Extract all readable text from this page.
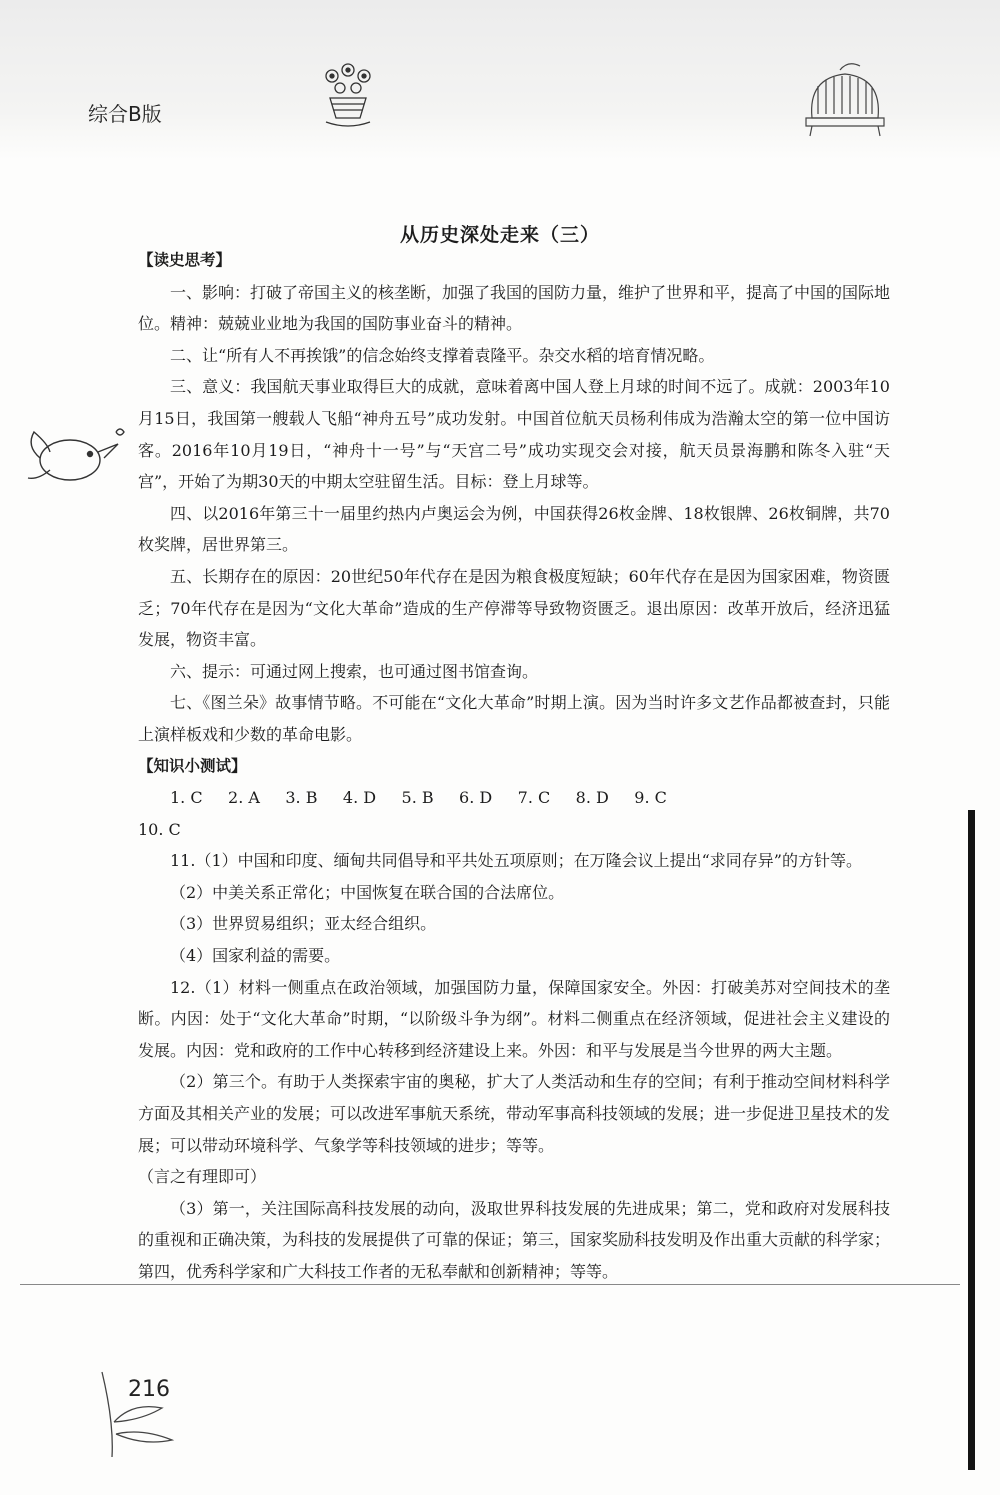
综合B版
从历史深处走来（三）

【读史思考】

一、影响：打破了帝国主义的核垄断，加强了我国的国防力量，维护了世界和平，提高了中国的国际地位。精神：兢兢业业地为我国的国防事业奋斗的精神。

二、让“所有人不再挨饿”的信念始终支撑着袁隆平。杂交水稻的培育情况略。

三、意义：我国航天事业取得巨大的成就，意味着离中国人登上月球的时间不远了。成就：2003年10月15日，我国第一艘载人飞船“神舟五号”成功发射。中国首位航天员杨利伟成为浩瀚太空的第一位中国访客。2016年10月19日，“神舟十一号”与“天宫二号”成功实现交会对接，航天员景海鹏和陈冬入驻“天宫”，开始了为期30天的中期太空驻留生活。目标：登上月球等。

四、以2016年第三十一届里约热内卢奥运会为例，中国获得26枚金牌、18枚银牌、26枚铜牌，共70枚奖牌，居世界第三。

五、长期存在的原因：20世纪50年代存在是因为粮食极度短缺；60年代存在是因为国家困难，物资匮乏；70年代存在是因为“文化大革命”造成的生产停滞等导致物资匮乏。退出原因：改革开放后，经济迅猛发展，物资丰富。

六、提示：可通过网上搜索，也可通过图书馆查询。

七、《图兰朵》故事情节略。不可能在“文化大革命”时期上演。因为当时许多文艺作品都被查封，只能上演样板戏和少数的革命电影。

【知识小测试】

1. C     2. A     3. B     4. D     5. B     6. D     7. C     8. D     9. C

10. C

11.（1）中国和印度、缅甸共同倡导和平共处五项原则；在万隆会议上提出“求同存异”的方针等。

（2）中美关系正常化；中国恢复在联合国的合法席位。

（3）世界贸易组织；亚太经合组织。

（4）国家利益的需要。

12.（1）材料一侧重点在政治领域，加强国防力量，保障国家安全。外因：打破美苏对空间技术的垄断。内因：处于“文化大革命”时期，“以阶级斗争为纲”。材料二侧重点在经济领域，促进社会主义建设的发展。内因：党和政府的工作中心转移到经济建设上来。外因：和平与发展是当今世界的两大主题。

（2）第三个。有助于人类探索宇宙的奥秘，扩大了人类活动和生存的空间；有利于推动空间材料科学方面及其相关产业的发展；可以改进军事航天系统，带动军事高科技领域的发展；进一步促进卫星技术的发展；可以带动环境科学、气象学等科技领域的进步；等等。

（言之有理即可）

（3）第一，关注国际高科技发展的动向，汲取世界科技发展的先进成果；第二，党和政府对发展科技的重视和正确决策，为科技的发展提供了可靠的保证；第三，国家奖励科技发明及作出重大贡献的科学家；第四，优秀科学家和广大科技工作者的无私奉献和创新精神；等等。

216
